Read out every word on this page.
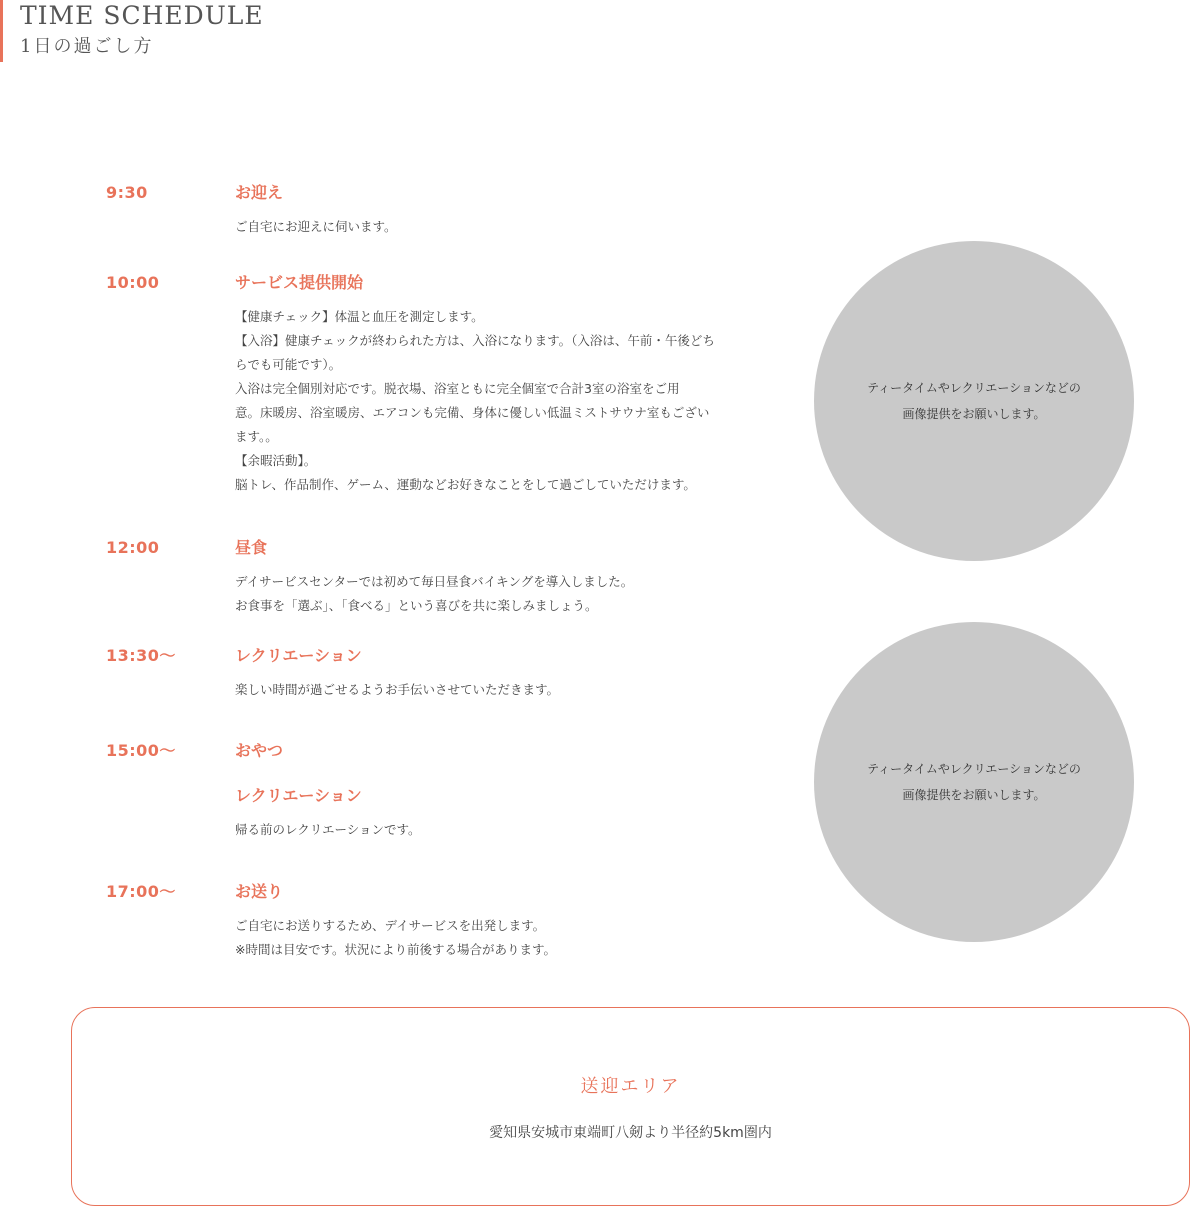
TIME SCHEDULE

1日の過ごし方

9:30	お迎え

ご自宅にお迎えに伺います。
10:00	サービス提供開始

【健康チェック】体温と血圧を測定します。
【入浴】健康チェックが終わられた方は、入浴になります。（入浴は、午前・午後どち
らでも可能です）。
入浴は完全個別対応です。脱衣場、浴室ともに完全個室で合計3室の浴室をご用
意。床暖房、浴室暖房、エアコンも完備、身体に優しい低温ミストサウナ室もござい
ます。。
【余暇活動】。
脳トレ、作品制作、ゲーム、運動などお好きなことをして過ごしていただけます。
12:00	昼食

デイサービスセンターでは初めて毎日昼食バイキングを導入しました。
お食事を「選ぶ」、「食べる」という喜びを共に楽しみましょう。
13:30〜	レクリエーション

楽しい時間が過ごせるようお手伝いさせていただきます。
15:00〜	おやつ

レクリエーション

帰る前のレクリエーションです。
17:00〜	お送り

ご自宅にお送りするため、デイサービスを出発します。
※時間は目安です。状況により前後する場合があります。
ティータイムやレクリエーションなどの
画像提供をお願いします。
ティータイムやレクリエーションなどの
画像提供をお願いします。

送迎エリア

愛知県安城市東端町八剱より半径約5km圏内
